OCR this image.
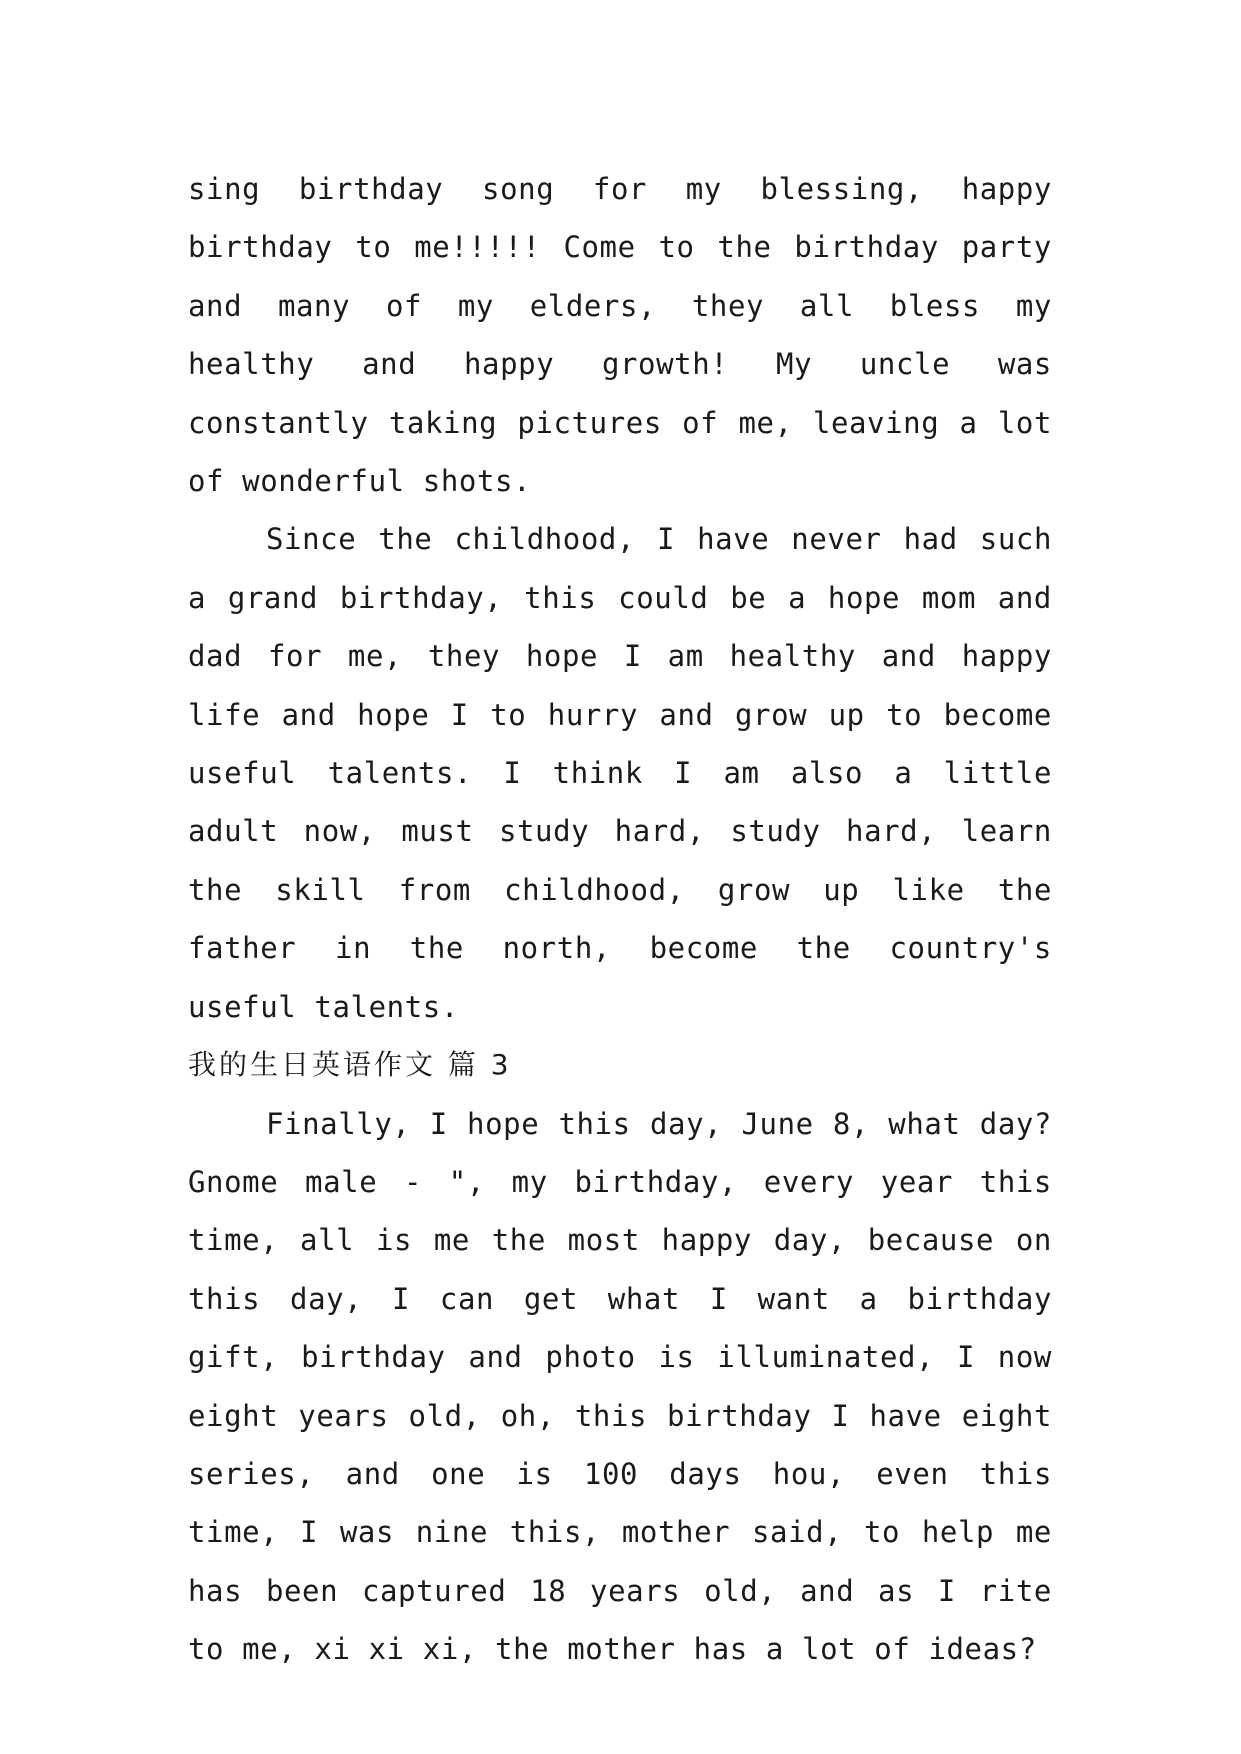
sing birthday song for my blessing, happy birthday to me!!!!! Come to the birthday party and many of my elders, they all bless my healthy and happy growth! My uncle was constantly taking pictures of me, leaving a lot of wonderful shots.

Since the childhood, I have never had such a grand birthday, this could be a hope mom and dad for me, they hope I am healthy and happy life and hope I to hurry and grow up to become useful talents. I think I am also a little adult now, must study hard, study hard, learn the skill from childhood, grow up like the father in the north, become the country's useful talents.

我的生日英语作文 篇 3

Finally, I hope this day, June 8, what day? Gnome male - ", my birthday, every year this time, all is me the most happy day, because on this day, I can get what I want a birthday gift, birthday and photo is illuminated, I now eight years old, oh, this birthday I have eight series, and one is 100 days hou, even this time, I was nine this, mother said, to help me has been captured 18 years old, and as I rite to me, xi xi xi, the mother has a lot of ideas?
